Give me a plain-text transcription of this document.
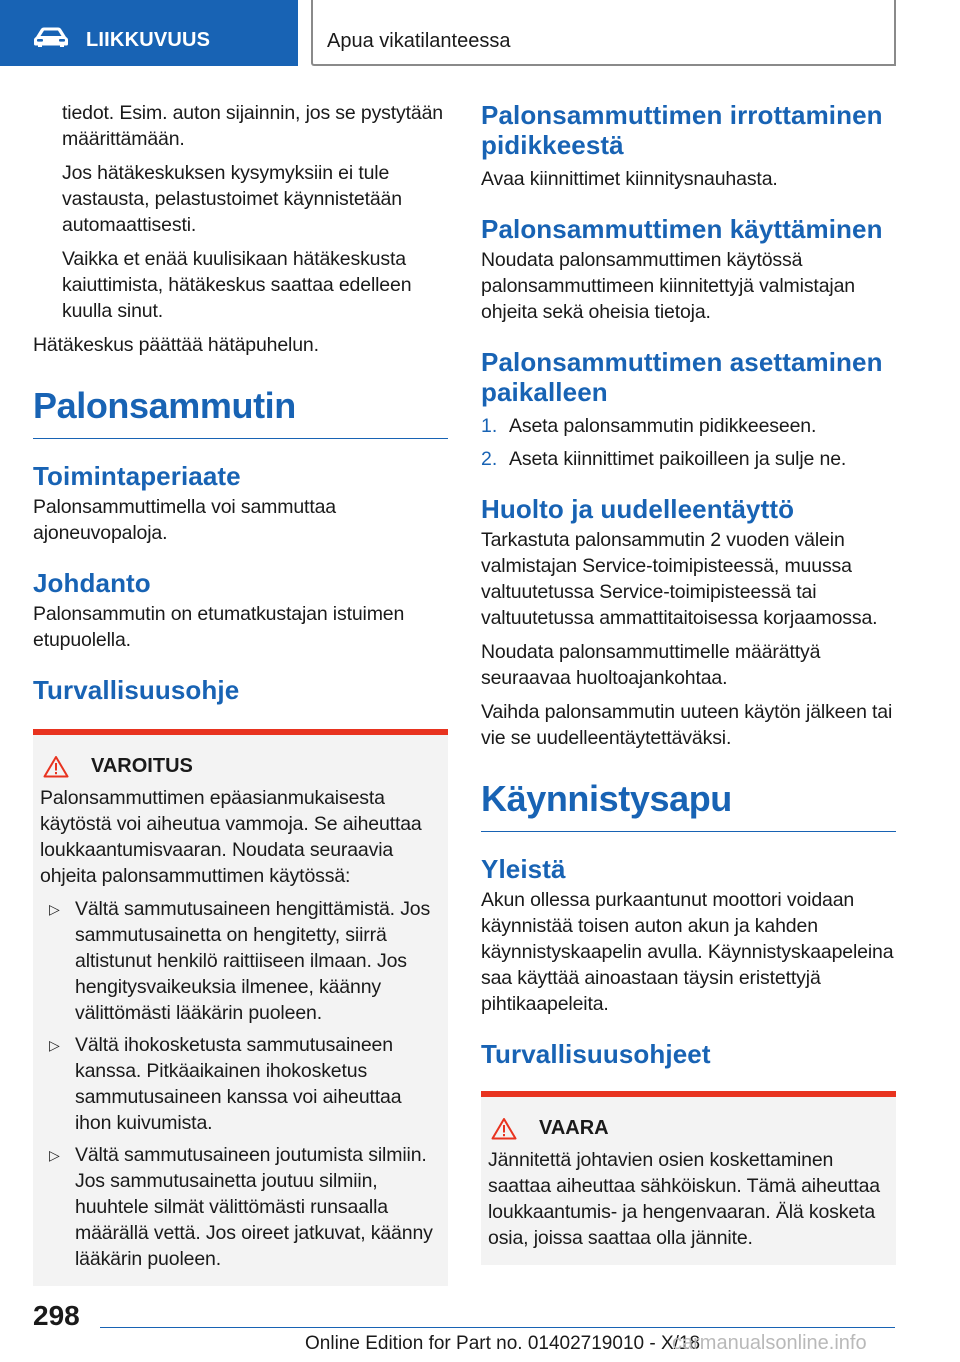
LIIKKUVUUS	Apua vikatilanteessa

tiedot. Esim. auton sijainnin, jos se pystytään määrittämään.

Jos hätäkeskuksen kysymyksiin ei tule vastausta, pelastustoimet käynnistetään automaattisesti.

Vaikka et enää kuulisikaan hätäkeskusta kaiuttimista, hätäkeskus saattaa edelleen kuulla sinut.

Hätäkeskus päättää hätäpuhelun.

Palonsammutin
Toimintaperiaate

Palonsammuttimella voi sammuttaa ajoneuvopaloja.

Johdanto

Palonsammutin on etumatkustajan istuimen etupuolella.

Turvallisuusohje
VAROITUS

Palonsammuttimen epäasianmukaisesta käytöstä voi aiheutua vammoja. Se aiheuttaa loukkaantumisvaaran. Noudata seuraavia ohjeita palonsammuttimen käytössä:

▷ Vältä sammutusaineen hengittämistä. Jos sammutusainetta on hengitetty, siirrä altistunut henkilö raittiiseen ilmaan. Jos hengitysvaikeuksia ilmenee, käänny välittömästi lääkärin puoleen.

▷ Vältä ihokosketusta sammutusaineen kanssa. Pitkäaikainen ihokosketus sammutusaineen kanssa voi aiheuttaa ihon kuivumista.

▷ Vältä sammutusaineen joutumista silmiin. Jos sammutusainetta joutuu silmiin, huuhtele silmät välittömästi runsaalla määrällä vettä. Jos oireet jatkuvat, käänny lääkärin puoleen.

Palonsammuttimen irrottaminen pidikkeestä

Avaa kiinnittimet kiinnitysnauhasta.

Palonsammuttimen käyttäminen

Noudata palonsammuttimen käytössä palonsammuttimeen kiinnitettyjä valmistajan ohjeita sekä oheisia tietoja.

Palonsammuttimen asettaminen paikalleen
1. Aseta palonsammutin pidikkeeseen.

2. Aseta kiinnittimet paikoilleen ja sulje ne.

Huolto ja uudelleentäyttö

Tarkastuta palonsammutin 2 vuoden välein valmistajan Service-toimipisteessä, muussa valtuutetussa Service-toimipisteessä tai valtuutetussa ammattitaitoisessa korjaamossa.

Noudata palonsammuttimelle määrättyä seuraavaa huoltoajankohtaa.

Vaihda palonsammutin uuteen käytön jälkeen tai vie se uudelleentäytettäväksi.

Käynnistysapu
Yleistä

Akun ollessa purkaantunut moottori voidaan käynnistää toisen auton akun ja kahden käynnistyskaapelin avulla. Käynnistyskaapeleina saa käyttää ainoastaan täysin eristettyjä pihtikaapeleita.

Turvallisuusohjeet
VAARA

Jännitettä johtavien osien koskettaminen saattaa aiheuttaa sähköiskun. Tämä aiheuttaa loukkaantumis- ja hengenvaaran. Älä kosketa osia, joissa saattaa olla jännite.

298
Online Edition for Part no. 01402719010 - X/18
carmanualsonline.info
